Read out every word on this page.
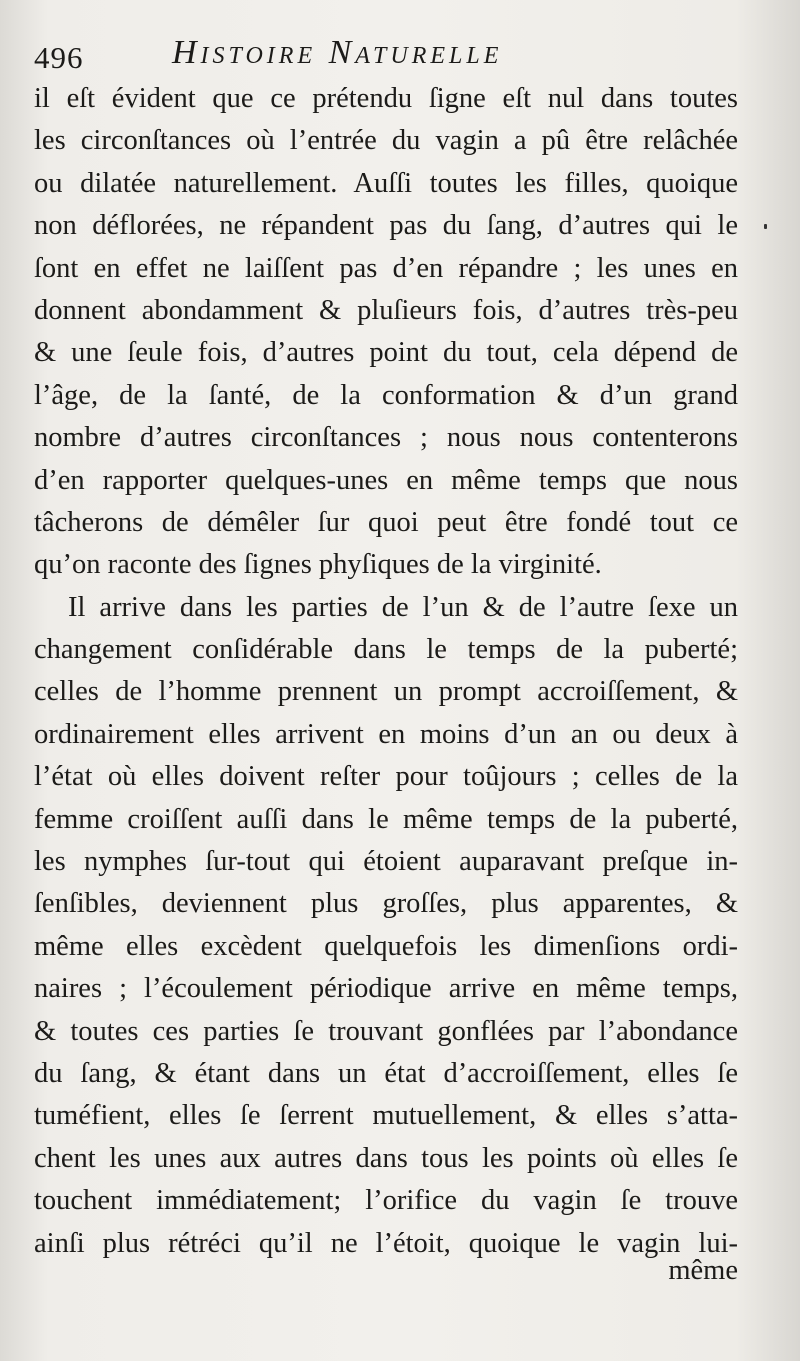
496	Histoire Naturelle
il eſt évident que ce prétendu ſigne eſt nul dans toutes
les circonſtances où l’entrée du vagin a pû être relâchée
ou dilatée naturellement. Auſſi toutes les filles, quoique
non déflorées, ne répandent pas du ſang, d’autres qui le
ſont en effet ne laiſſent pas d’en répandre ; les unes en
donnent abondamment & pluſieurs fois, d’autres très-peu
& une ſeule fois, d’autres point du tout, cela dépend de
l’âge, de la ſanté, de la conformation & d’un grand
nombre d’autres circonſtances ; nous nous contenterons
d’en rapporter quelques-unes en même temps que nous
tâcherons de démêler ſur quoi peut être fondé tout ce
qu’on raconte des ſignes phyſiques de la virginité.
Il arrive dans les parties de l’un & de l’autre ſexe un
changement conſidérable dans le temps de la puberté;
celles de l’homme prennent un prompt accroiſſement, &
ordinairement elles arrivent en moins d’un an ou deux à
l’état où elles doivent reſter pour toûjours ; celles de la
femme croiſſent auſſi dans le même temps de la puberté,
les nymphes ſur-tout qui étoient auparavant preſque in-
ſenſibles, deviennent plus groſſes, plus apparentes, &
même elles excèdent quelquefois les dimenſions ordi-
naires ; l’écoulement périodique arrive en même temps,
& toutes ces parties ſe trouvant gonflées par l’abondance
du ſang, & étant dans un état d’accroiſſement, elles ſe
tuméfient, elles ſe ſerrent mutuellement, & elles s’atta-
chent les unes aux autres dans tous les points où elles ſe
touchent immédiatement; l’orifice du vagin ſe trouve
ainſi plus rétréci qu’il ne l’étoit, quoique le vagin lui-
même
